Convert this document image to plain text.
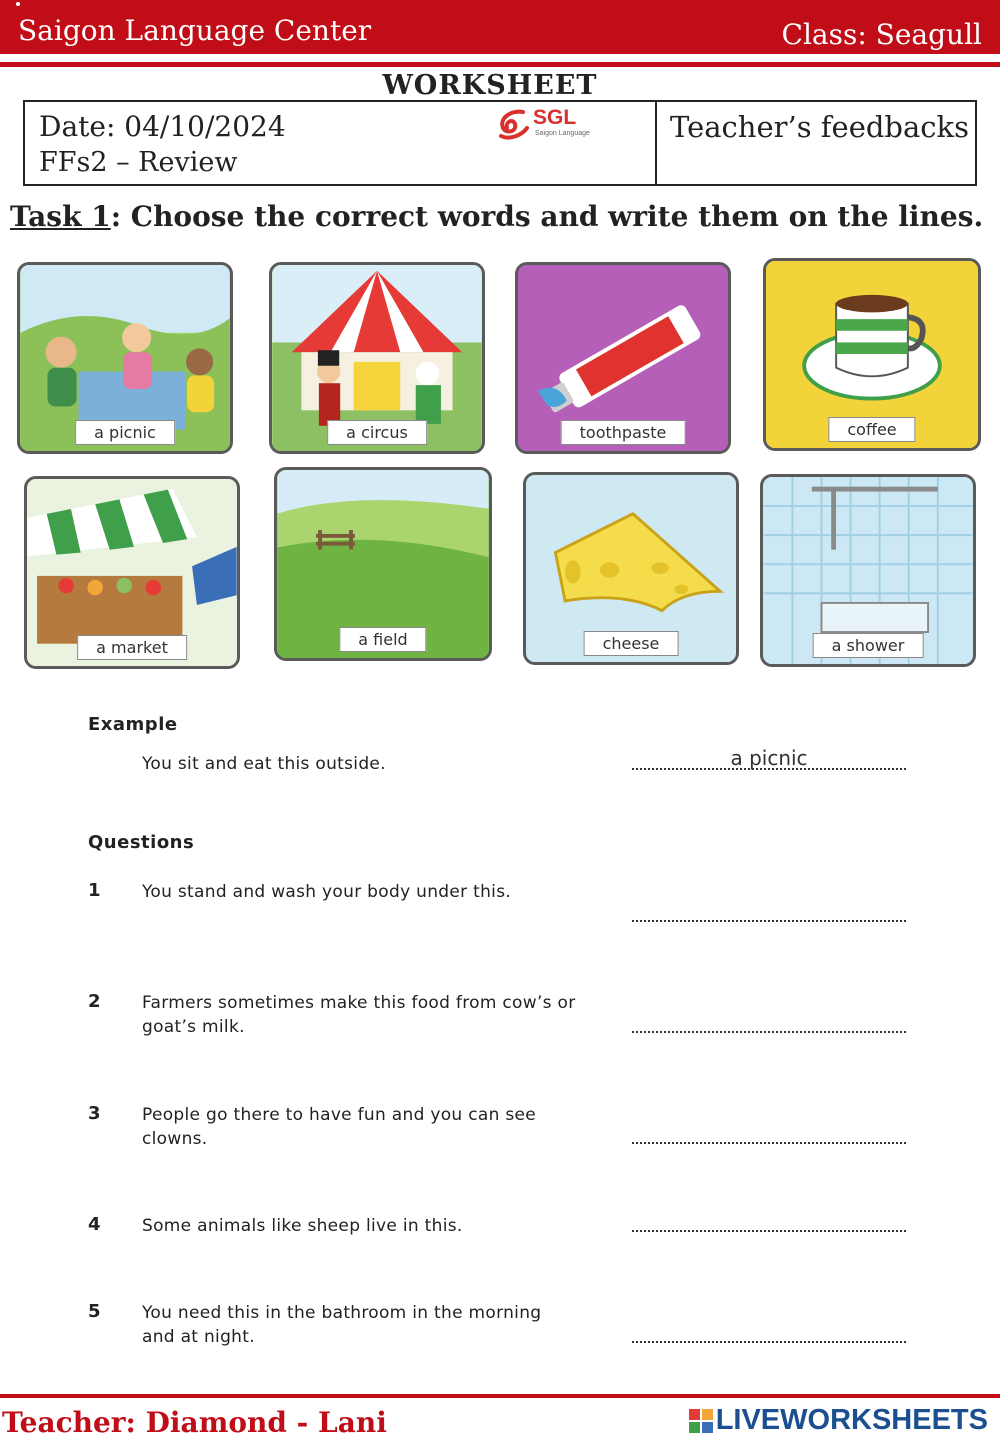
Saigon Language Center	Class: Seagull
WORKSHEET
Date: 04/10/2024
FFs2 – Review
SGL
Saigon Language	Teacher’s feedbacks
Task 1: Choose the correct words and write them on the lines.
a picnic	a circus	toothpaste	coffee
a market	a field	cheese	a shower
Example
You sit and eat this outside.	a picnic
Questions
1 You stand and wash your body under this.
2 Farmers sometimes make this food from cow’s or goat’s milk.
3 People go there to have fun and you can see clowns.
4 Some animals like sheep live in this.
5 You need this in the bathroom in the morning and at night.
Teacher: Diamond - Lani	LIVEWORKSHEETS
